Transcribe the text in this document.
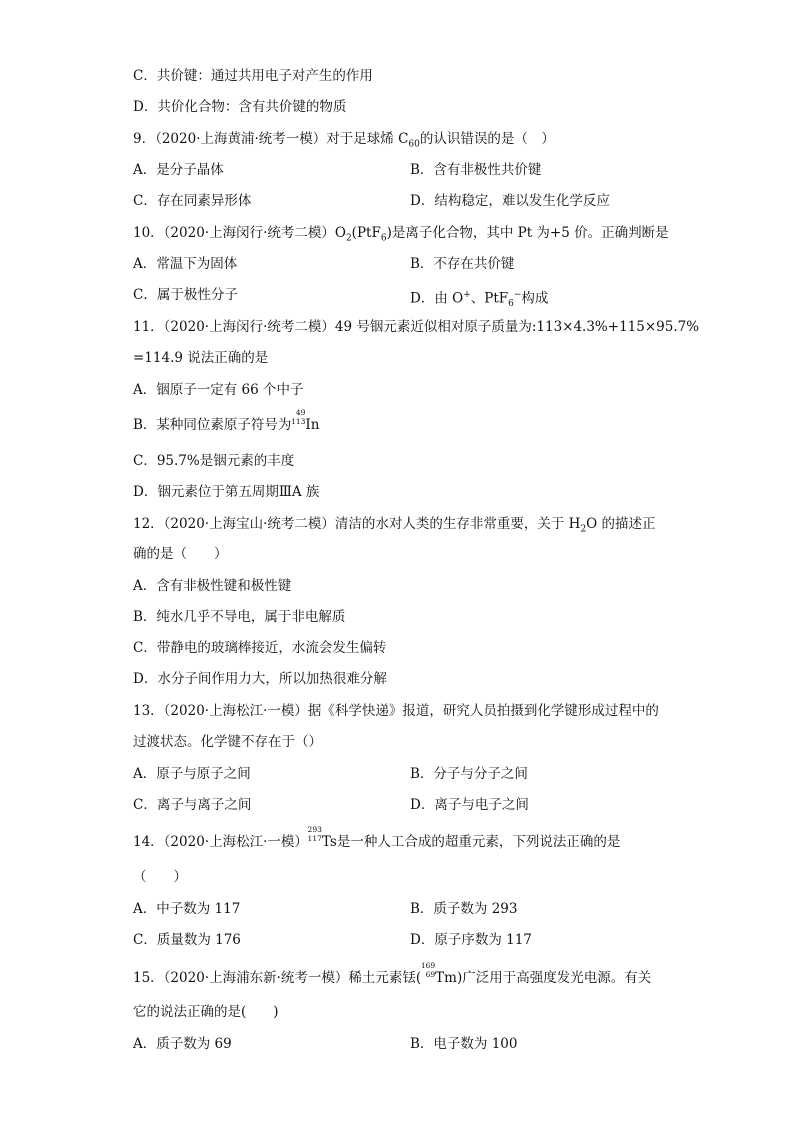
C．共价键：通过共用电子对产生的作用
D．共价化合物：含有共价键的物质
9．（2020·上海黄浦·统考一模）对于足球烯 $C_{60}$的认识错误的是（　）
A．是分子晶体	B．含有非极性共价键
C．存在同素异形体	D．结构稳定，难以发生化学反应
10．（2020·上海闵行·统考二模）$O_2(PtF_6)$是离子化合物，其中 Pt 为+5 价。正确判断是
A．常温下为固体	B．不存在共价键
C．属于极性分子	D．由 O+、PtF$_6$−构成
11．（2020·上海闵行·统考二模）49 号铟元素近似相对原子质量为:113×4.3%+115×95.7%
=114.9 说法正确的是
A．铟原子一定有 66 个中子
B．某种同位素原子符号为
49
113 In
C．95.7%是铟元素的丰度
D．铟元素位于第五周期ⅢA 族
12．（2020·上海宝山·统考二模）清洁的水对人类的生存非常重要，关于 $H_2O$ 的描述正
确的是（　　）
A．含有非极性键和极性键
B．纯水几乎不导电，属于非电解质
C．带静电的玻璃棒接近，水流会发生偏转
D．水分子间作用力大，所以加热很难分解
13．（2020·上海松江·一模）据《科学快递》报道，研究人员拍摄到化学键形成过程中的
过渡状态。化学键不存在于（）
A．原子与原子之间	B．分子与分子之间
C．离子与离子之间	D．离子与电子之间
14．（2020·上海松江·一模）
293
117 Ts是一种人工合成的超重元素，下列说法正确的是
（　　）
A．中子数为 117	B．质子数为 293
C．质量数为 176	D．原子序数为 117
15．（2020·上海浦东新·统考一模）稀土元素铥(
169
69 Tm)广泛用于高强度发光电源。有关
它的说法正确的是(　　)
A．质子数为 69	B．电子数为 100
